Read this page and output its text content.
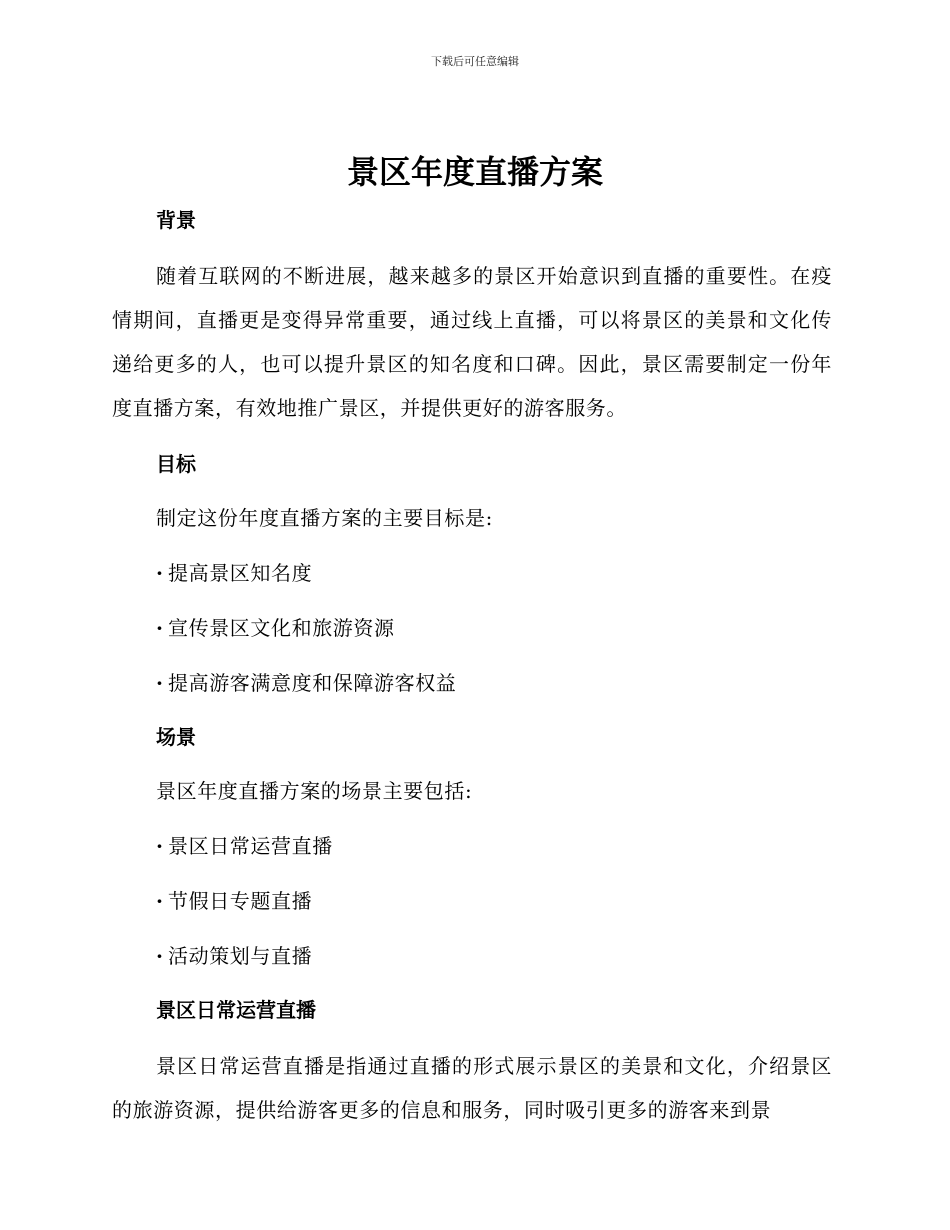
下载后可任意编辑
景区年度直播方案
背景

随着互联网的不断进展，越来越多的景区开始意识到直播的重要性。在疫情期间，直播更是变得异常重要，通过线上直播，可以将景区的美景和文化传递给更多的人，也可以提升景区的知名度和口碑。因此，景区需要制定一份年度直播方案，有效地推广景区，并提供更好的游客服务。

目标

制定这份年度直播方案的主要目标是:

· 提高景区知名度
· 宣传景区文化和旅游资源
· 提高游客满意度和保障游客权益
场景

景区年度直播方案的场景主要包括:

· 景区日常运营直播
· 节假日专题直播
· 活动策划与直播
景区日常运营直播

景区日常运营直播是指通过直播的形式展示景区的美景和文化，介绍景区的旅游资源，提供给游客更多的信息和服务，同时吸引更多的游客来到景
